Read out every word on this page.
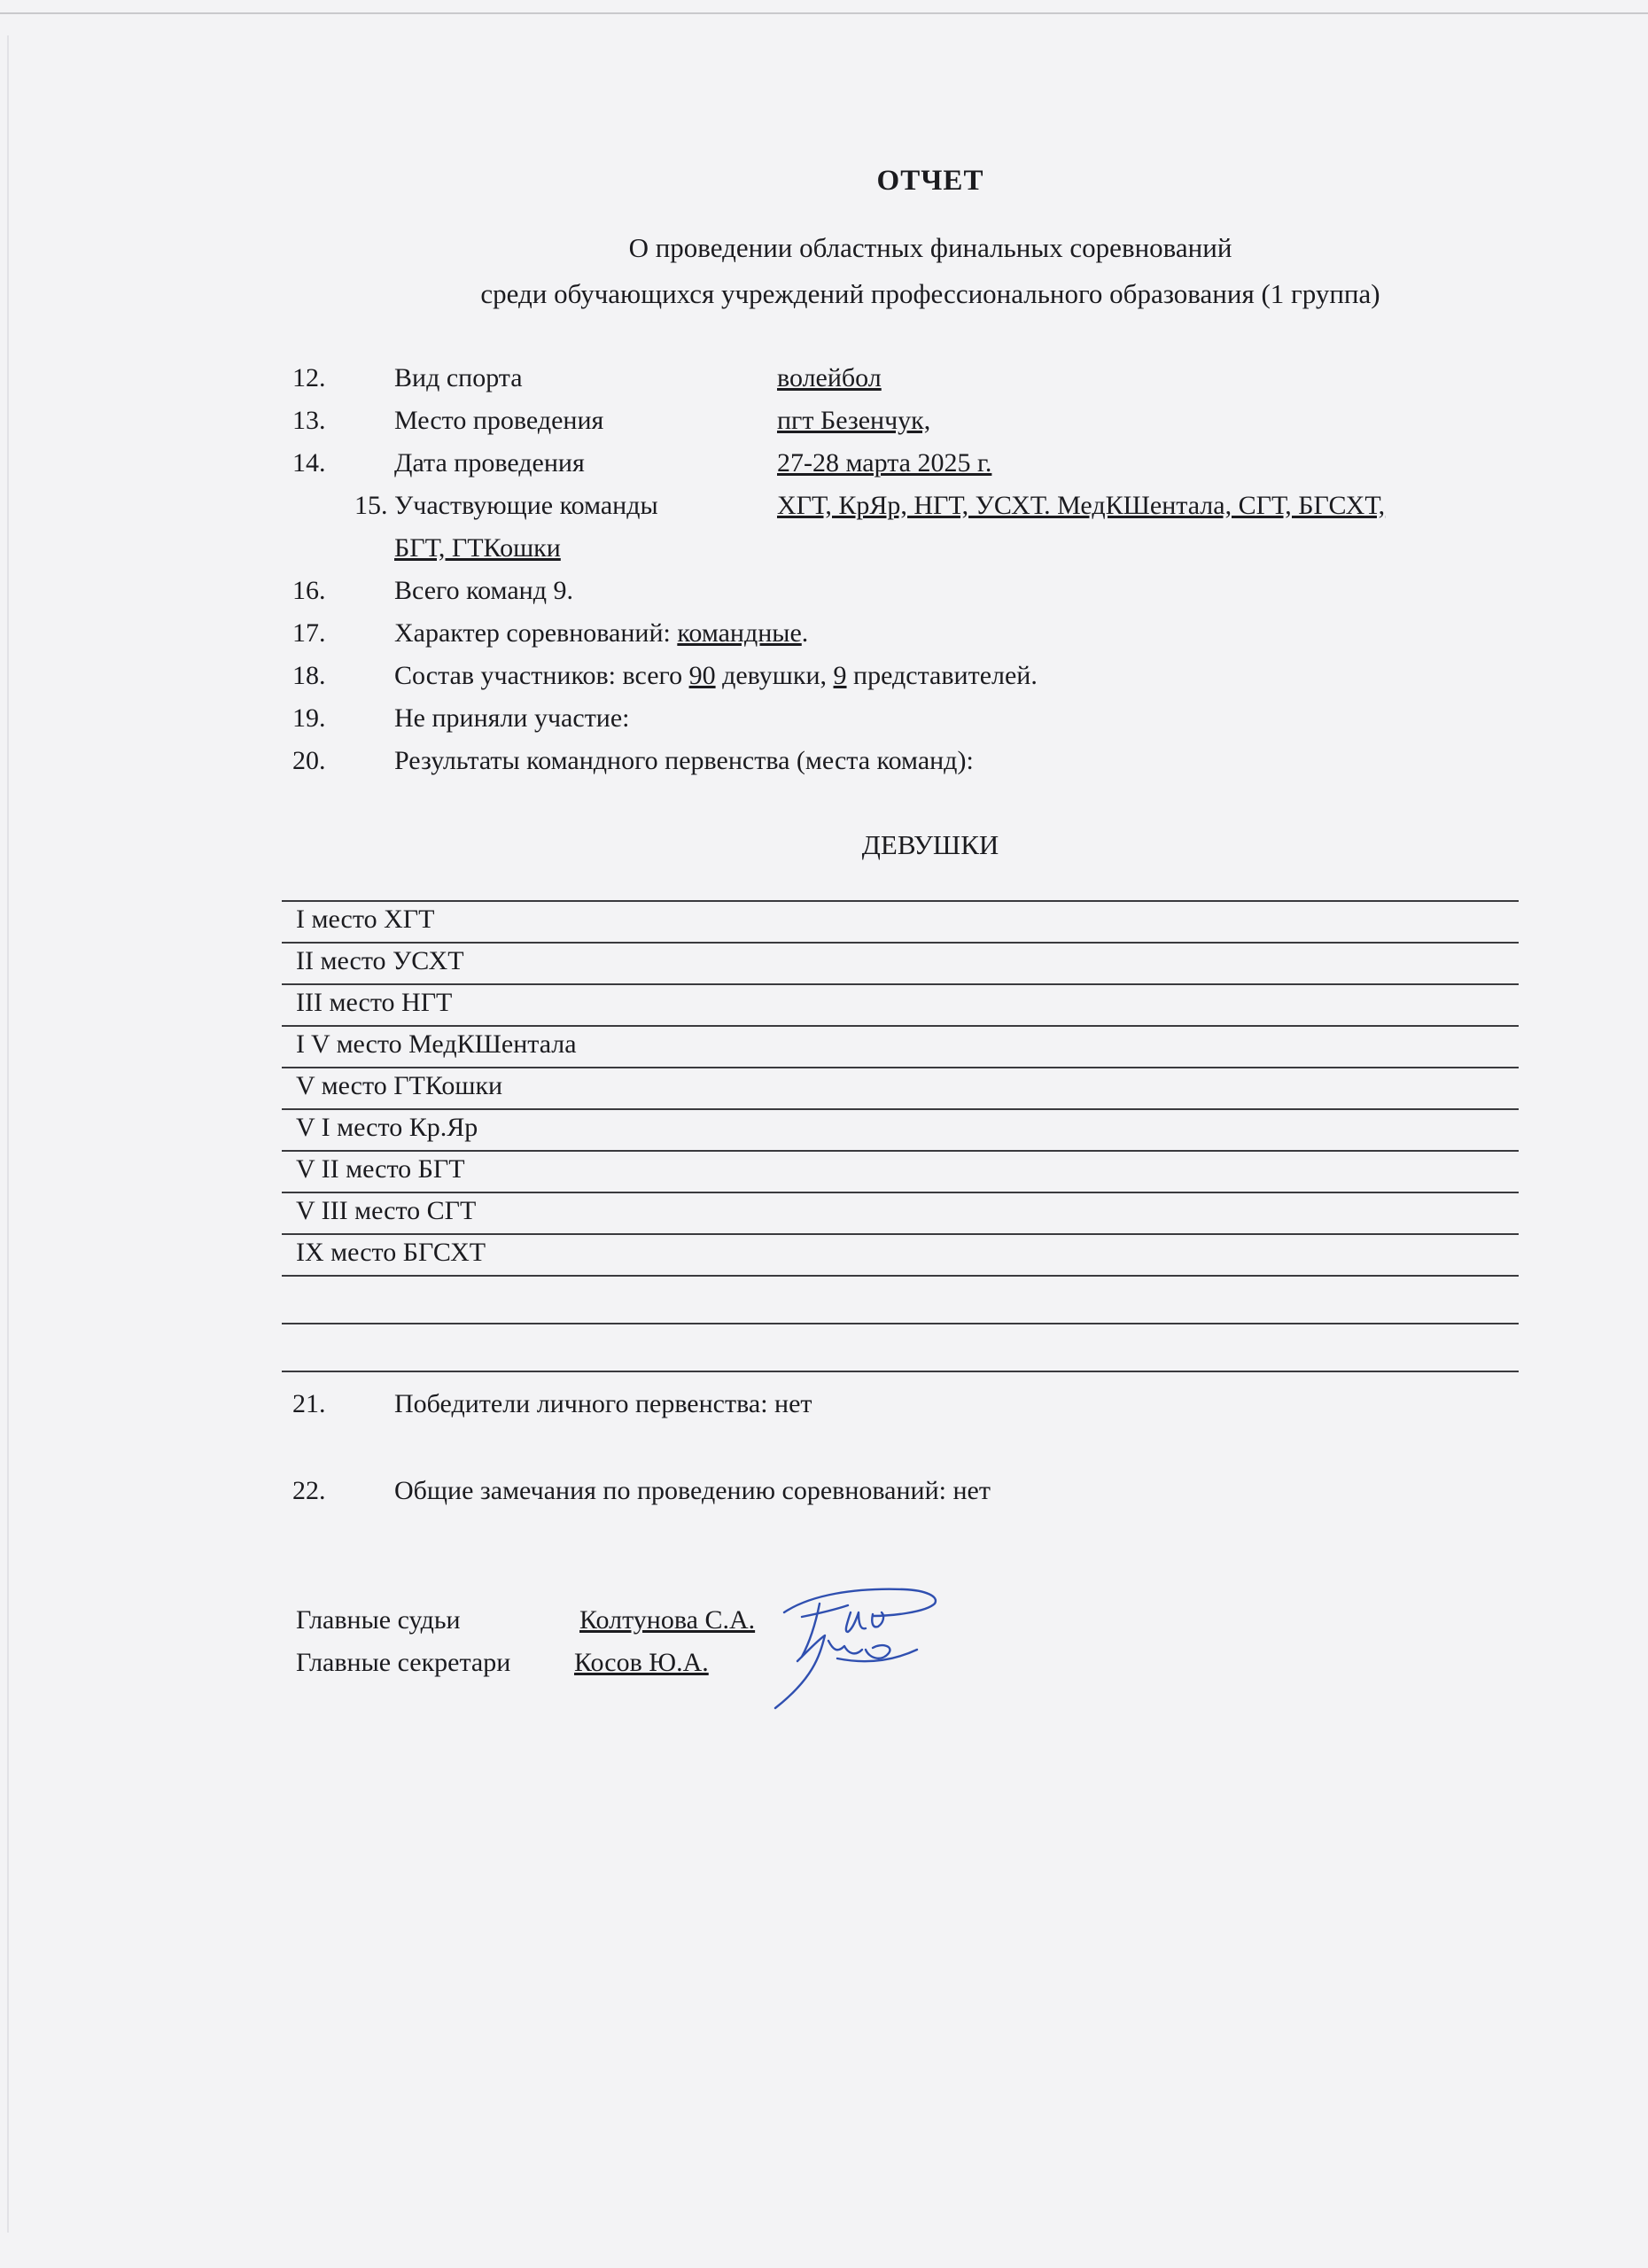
ОТЧЕТ
О проведении областных финальных соревнований
среди обучающихся учреждений профессионального образования (1 группа)
12.	Вид спорта	волейбол
13.	Место проведения	пгт Безенчук,
14.	Дата проведения	27-28 марта 2025 г.
15. Участвующие команды	ХГТ, КрЯр, НГТ, УСХТ. МедКШентала, СГТ, БГСХТ,
БГТ, ГТКошки
16.	Всего команд 9.
17.	Характер соревнований: командные.
18.	Состав участников: всего 90 девушки, 9 представителей.
19.	Не приняли участие:
20.	Результаты командного первенства (места команд):
ДЕВУШКИ
I место ХГТ
II место УСХТ
III место НГТ
I V место МедКШентала
V место ГТКошки
V I место Кр.Яр
V II место БГТ
V III место СГТ
IX место БГСХТ
21.	Победители личного первенства: нет
22.	Общие замечания по проведению соревнований: нет
Главные судьи	Колтунова С.А.
Главные секретари Косов Ю.А.
